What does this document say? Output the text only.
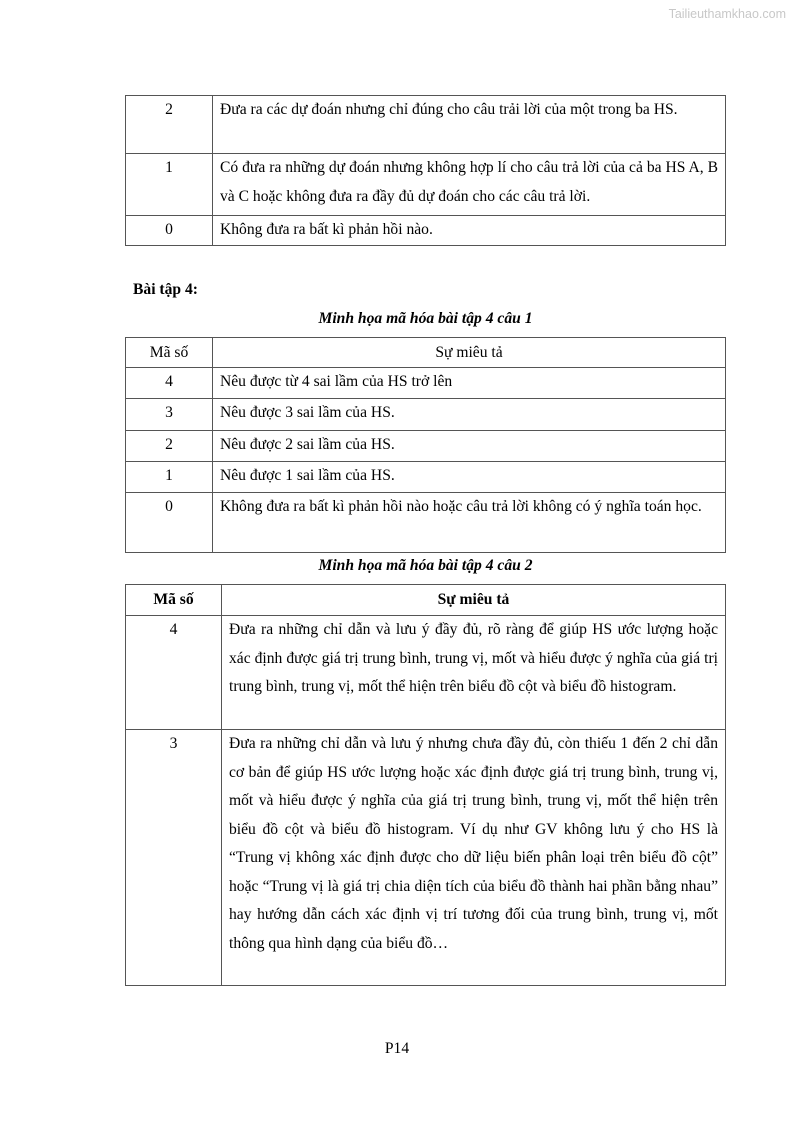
Tailieuthamkhao.com
2	Đưa ra các dự đoán nhưng chỉ đúng cho câu trải lời của một trong ba HS.
1	Có đưa ra những dự đoán nhưng không hợp lí cho câu trả lời của cả ba HS A, B và C hoặc không đưa ra đầy đủ dự đoán cho các câu trả lời.
0	Không đưa ra bất kì phản hồi nào.
Bài tập 4:
Minh họa mã hóa bài tập 4 câu 1
Mã số	Sự miêu tả
4	Nêu được từ 4 sai lầm của HS trở lên
3	Nêu được 3 sai lầm của HS.
2	Nêu được 2 sai lầm của HS.
1	Nêu được 1 sai lầm của HS.
0	Không đưa ra bất kì phản hồi nào hoặc câu trả lời không có ý nghĩa toán học.
Minh họa mã hóa bài tập 4 câu 2
Mã số	Sự miêu tả
4	Đưa ra những chỉ dẫn và lưu ý đầy đủ, rõ ràng để giúp HS ước lượng hoặc xác định được giá trị trung bình, trung vị, mốt và hiểu được ý nghĩa của giá trị trung bình, trung vị, mốt thể hiện trên biểu đồ cột và biểu đồ histogram.
3	Đưa ra những chỉ dẫn và lưu ý nhưng chưa đầy đủ, còn thiếu 1 đến 2 chỉ dẫn cơ bản để giúp HS ước lượng hoặc xác định được giá trị trung bình, trung vị, mốt và hiểu được ý nghĩa của giá trị trung bình, trung vị, mốt thể hiện trên biểu đồ cột và biểu đồ histogram. Ví dụ như GV không lưu ý cho HS là “Trung vị không xác định được cho dữ liệu biến phân loại trên biểu đồ cột” hoặc “Trung vị là giá trị chia diện tích của biểu đồ thành hai phần bằng nhau” hay hướng dẫn cách xác định vị trí tương đối của trung bình, trung vị, mốt thông qua hình dạng của biểu đồ…
P14
